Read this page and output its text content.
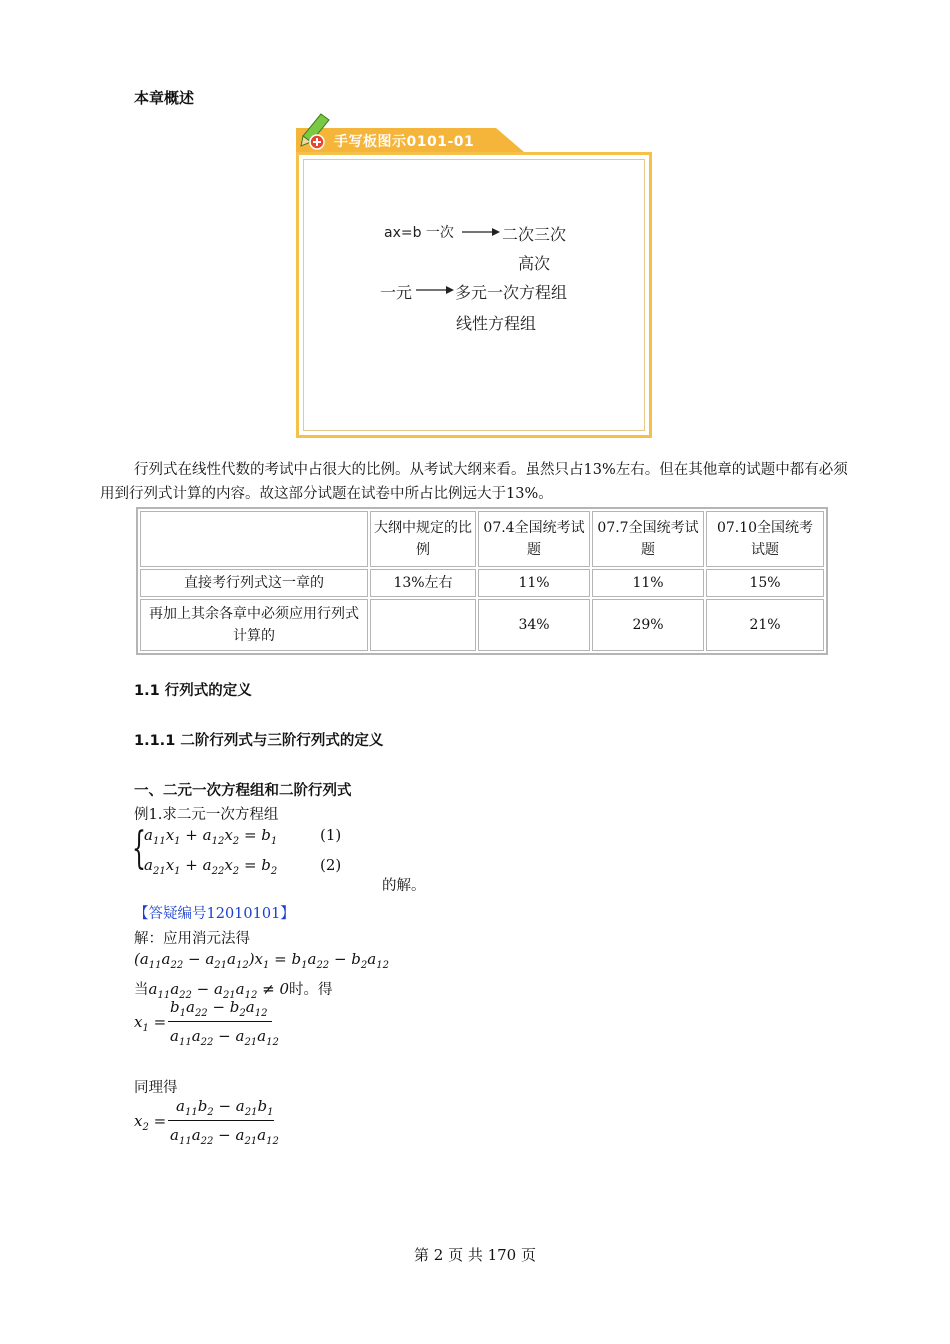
本章概述
手写板图示0101-01
ax=b 一次	二次三次
高次
一元	多元一次方程组
线性方程组
行列式在线性代数的考试中占很大的比例。从考试大纲来看。虽然只占13%左右。但在其他章的试题中都有必须用到行列式计算的内容。故这部分试题在试卷中所占比例远大于13%。
	大纲中规定的比例	07.4全国统考试题	07.7全国统考试题	07.10全国统考试题
直接考行列式这一章的	13%左右	11%	11%	15%
再加上其余各章中必须应用行列式计算的		34%	29%	21%
1.1 行列式的定义
1.1.1 二阶行列式与三阶行列式的定义
一、二元一次方程组和二阶行列式
例1.求二元一次方程组
{
$a_{11}x_1 + a_{12}x_2 = b_1$
$a_{21}x_1 + a_{22}x_2 = b_2$
(1)
(2)
的解。
【答疑编号12010101】
解：应用消元法得
$(a_{11}a_{22} - a_{21}a_{12})x_1 = b_1a_{22} - b_2a_{12}$
当$a_{11}a_{22} - a_{21}a_{12} \ne 0$时。得
$x_1$ =
$b_1a_{22} - b_2a_{12}$
$a_{11}a_{22} - a_{21}a_{12}$
同理得
$x_2$ =
$a_{11}b_2 - a_{21}b_1$
$a_{11}a_{22} - a_{21}a_{12}$
第 2 页 共 170 页
